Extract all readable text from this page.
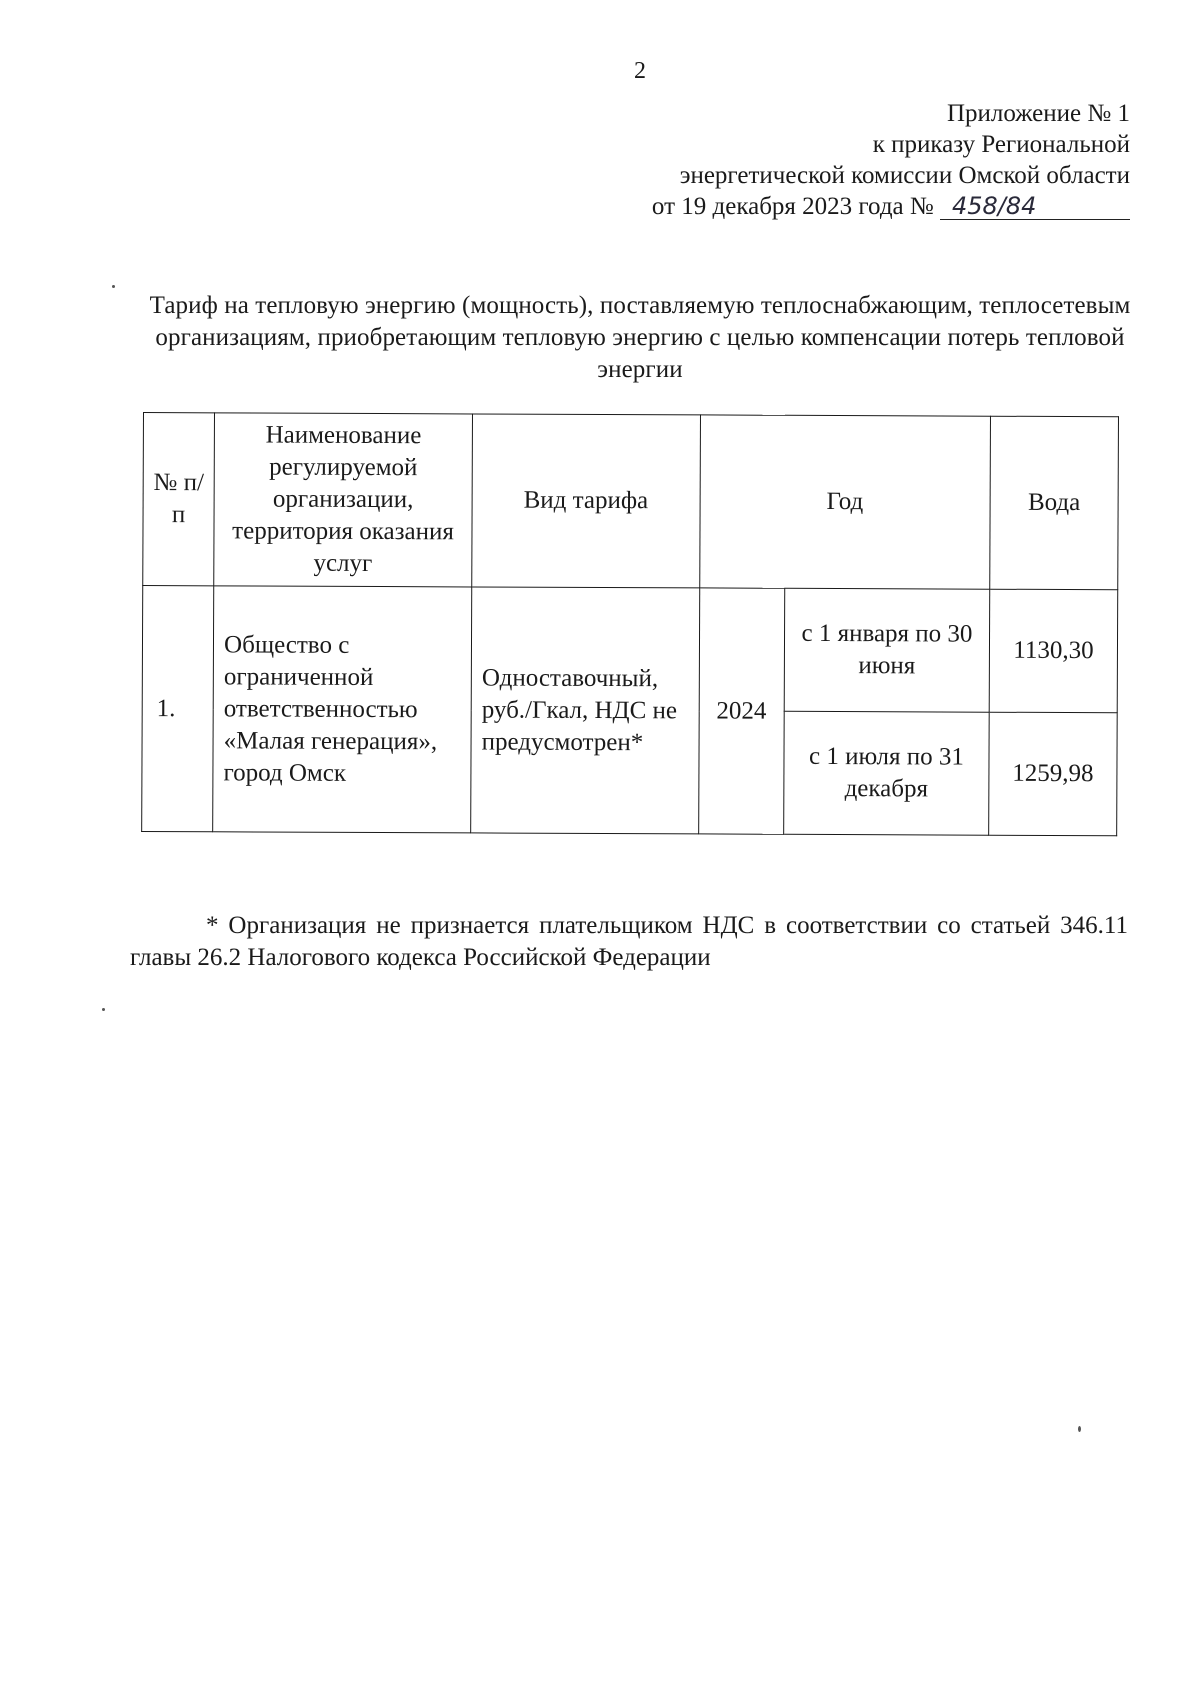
2
Приложение № 1
к приказу Региональной
энергетической комиссии Омской области
от 19 декабря 2023 года № 458/84
Тариф на тепловую энергию (мощность), поставляемую теплоснабжающим, теплосетевым организациям, приобретающим тепловую энергию с целью компенсации потерь тепловой энергии
№ п/п	Наименование регулируемой организации, территория оказания услуг	Вид тарифа	Год		Вода
1.	Общество с ограниченной ответственностью «Малая генерация», город Омск	Одноставочный, руб./Гкал, НДС не предусмотрен*	2024	с 1 января по 30 июня	1130,30
				с 1 июля по 31 декабря	1259,98
* Организация не признается плательщиком НДС в соответствии со статьей 346.11 главы 26.2 Налогового кодекса Российской Федерации
